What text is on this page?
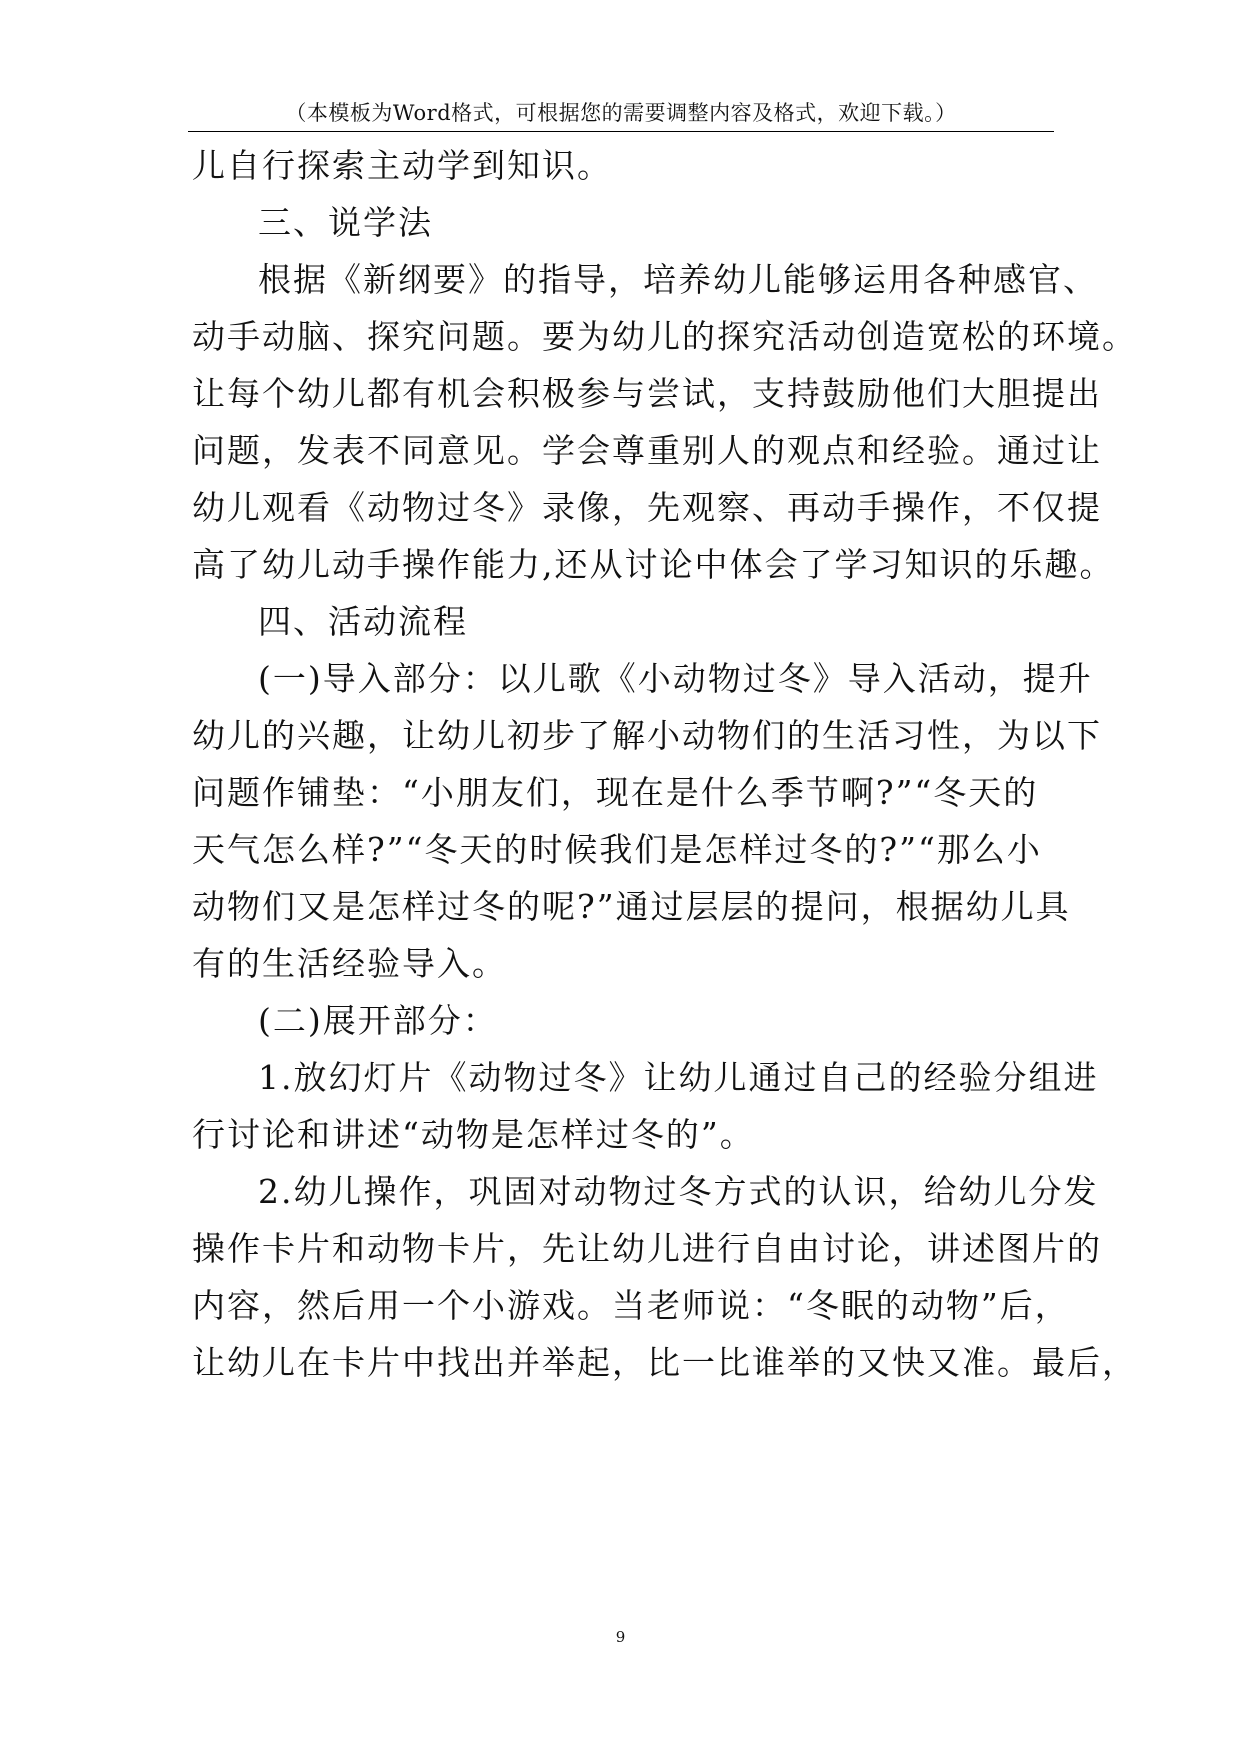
（本模板为Word格式，可根据您的需要调整内容及格式，欢迎下载。）
儿自行探索主动学到知识。
三、说学法
根据《新纲要》的指导，培养幼儿能够运用各种感官、
动手动脑、探究问题。要为幼儿的探究活动创造宽松的环境。
让每个幼儿都有机会积极参与尝试，支持鼓励他们大胆提出
问题，发表不同意见。学会尊重别人的观点和经验。通过让
幼儿观看《动物过冬》录像，先观察、再动手操作，不仅提
高了幼儿动手操作能力,还从讨论中体会了学习知识的乐趣。
四、活动流程
(一)导入部分：以儿歌《小动物过冬》导入活动，提升
幼儿的兴趣，让幼儿初步了解小动物们的生活习性，为以下
问题作铺垫：“小朋友们，现在是什么季节啊?”“冬天的
天气怎么样?”“冬天的时候我们是怎样过冬的?”“那么小
动物们又是怎样过冬的呢?”通过层层的提问，根据幼儿具
有的生活经验导入。
(二)展开部分：
1.放幻灯片《动物过冬》让幼儿通过自己的经验分组进
行讨论和讲述“动物是怎样过冬的”。
2.幼儿操作，巩固对动物过冬方式的认识，给幼儿分发
操作卡片和动物卡片，先让幼儿进行自由讨论，讲述图片的
内容，然后用一个小游戏。当老师说：“冬眠的动物”后，
让幼儿在卡片中找出并举起，比一比谁举的又快又准。最后，
9
